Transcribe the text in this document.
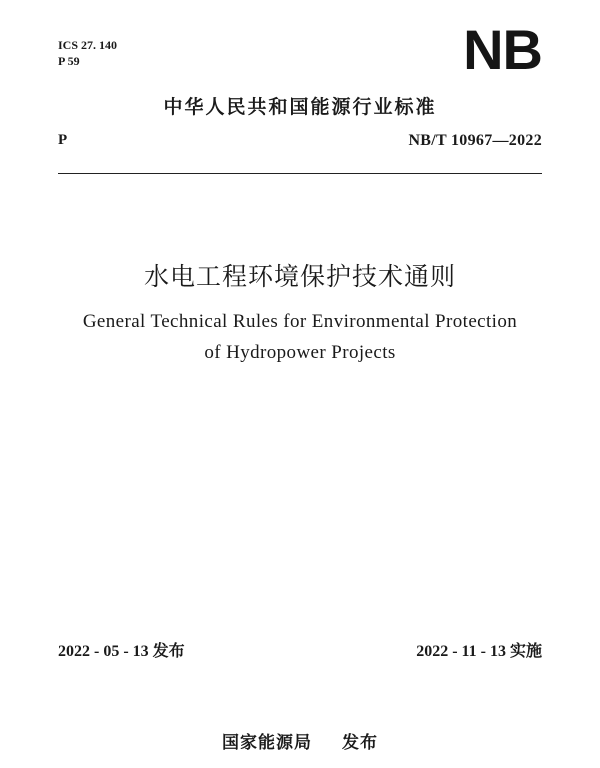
ICS 27. 140
P 59	NB
中华人民共和国能源行业标准
P	NB/T 10967—2022
水电工程环境保护技术通则
General Technical Rules for Environmental Protection
of Hydropower Projects
2022 - 05 - 13 发布	2022 - 11 - 13 实施
国家能源局 发布
